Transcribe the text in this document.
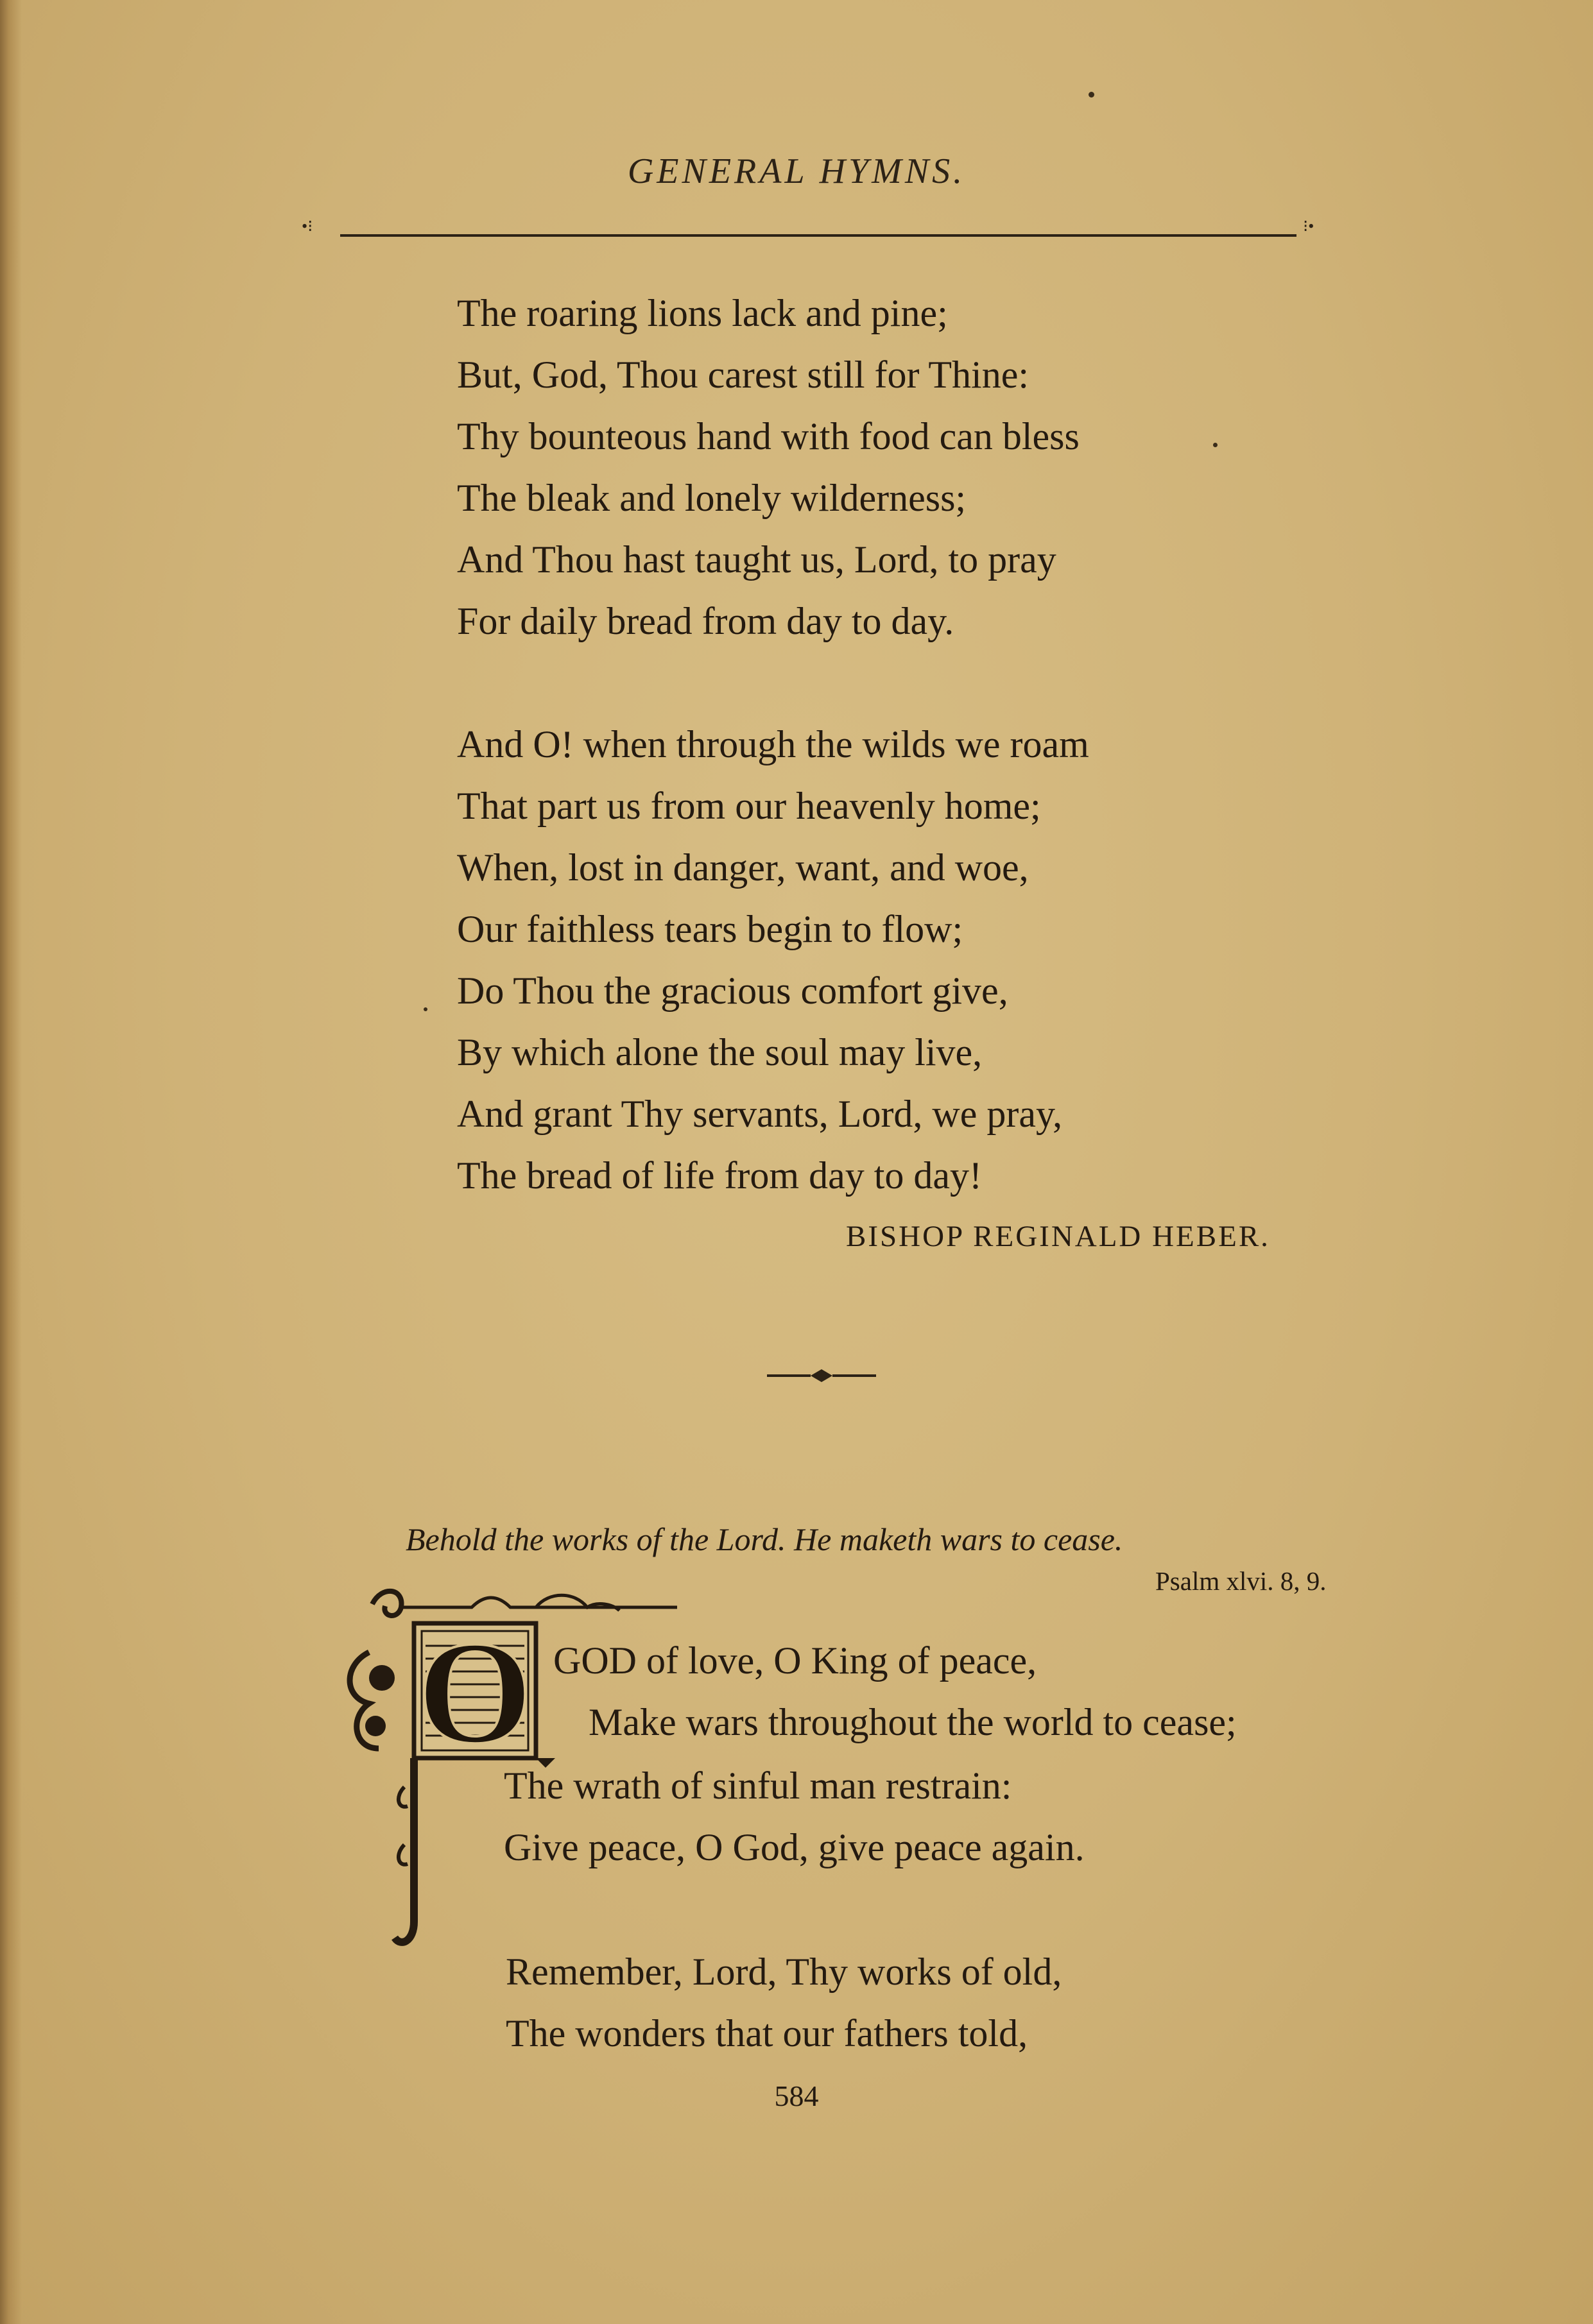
GENERAL HYMNS.
•⁝	⁝•
The roaring lions lack and pine;
But, God, Thou carest still for Thine:
Thy bounteous hand with food can bless
The bleak and lonely wilderness;
And Thou hast taught us, Lord, to pray
For daily bread from day to day.
And O! when through the wilds we roam
That part us from our heavenly home;
When, lost in danger, want, and woe,
Our faithless tears begin to flow;
Do Thou the gracious comfort give,
By which alone the soul may live,
And grant Thy servants, Lord, we pray,
The bread of life from day to day!
BISHOP REGINALD HEBER.
Behold the works of the Lord. He maketh wars to cease.
Psalm xlvi. 8, 9.
O GOD of love, O King of peace,
Make wars throughout the world to cease;
The wrath of sinful man restrain:
Give peace, O God, give peace again.
Remember, Lord, Thy works of old,
The wonders that our fathers told,
584
